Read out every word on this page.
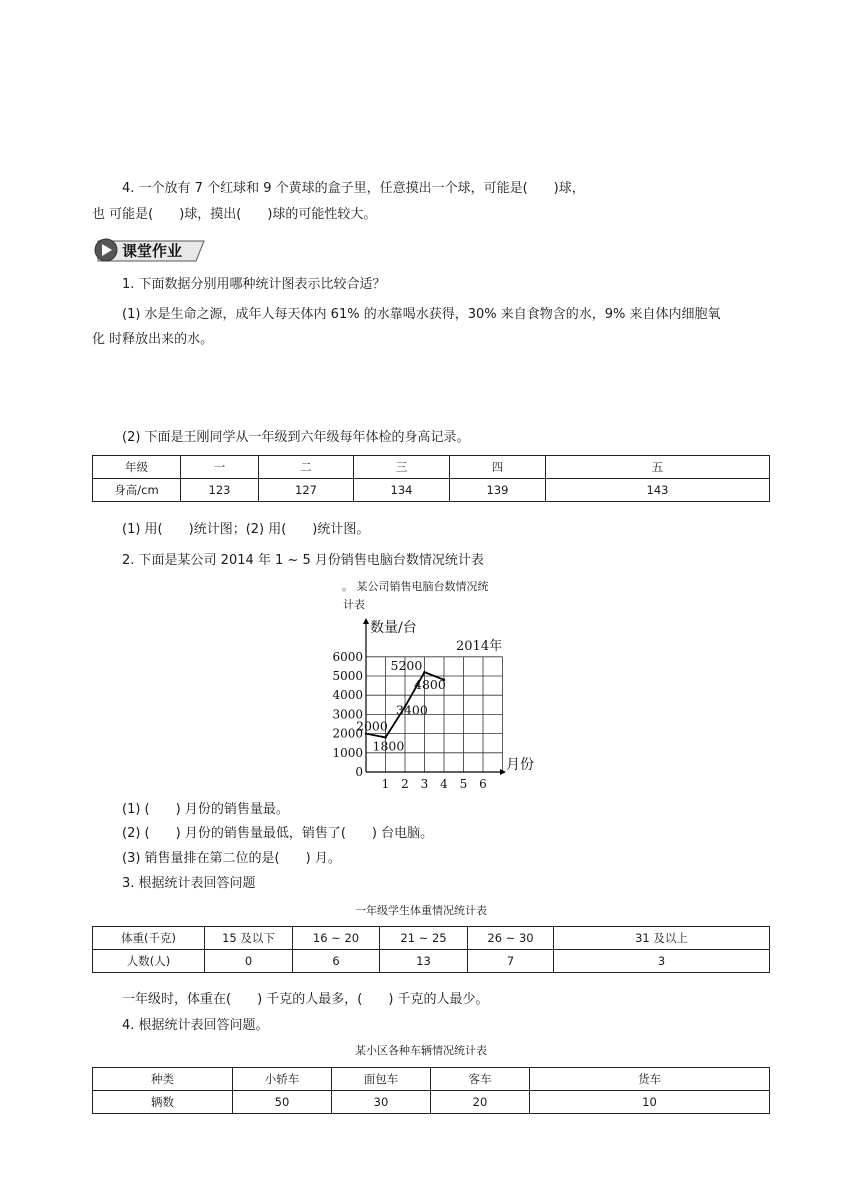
4. 一个放有 7 个红球和 9 个黄球的盒子里，任意摸出一个球，可能是(　　)球，
也 可能是(　　)球，摸出(　　)球的可能性较大。
课堂作业
1. 下面数据分别用哪种统计图表示比较合适？
(1) 水是生命之源，成年人每天体内 61% 的水靠喝水获得，30% 来自食物含的水，9% 来自体内细胞氧
化 时释放出来的水。
(2) 下面是王刚同学从一年级到六年级每年体检的身高记录。
年级	一	二	三	四	五
身高/cm	123	127	134	139	143
(1) 用(　　)统计图；(2) 用(　　)统计图。
2. 下面是某公司 2014 年 1 ~ 5 月份销售电脑台数情况统计表
。 某公司销售电脑台数情况统
计表
数量/台
月份
2014年
0
1000
2000
3000
4000
5000
6000
1 2 3 4 5 6
2000
1800
3400
5200
4800
(1) (　　) 月份的销售量最。
(2) (　　) 月份的销售量最低，销售了(　　) 台电脑。
(3) 销售量排在第二位的是(　　) 月。
3. 根据统计表回答问题
一年级学生体重情况统计表
体重(千克)	15 及以下	16 ~ 20	21 ~ 25	26 ~ 30	31 及以上
人数(人)	0	6	13	7	3
一年级时，体重在(　　) 千克的人最多，(　　) 千克的人最少。
4. 根据统计表回答问题。
某小区各种车辆情况统计表
种类	小轿车	面包车	客车	货车
辆数	50	30	20	10
